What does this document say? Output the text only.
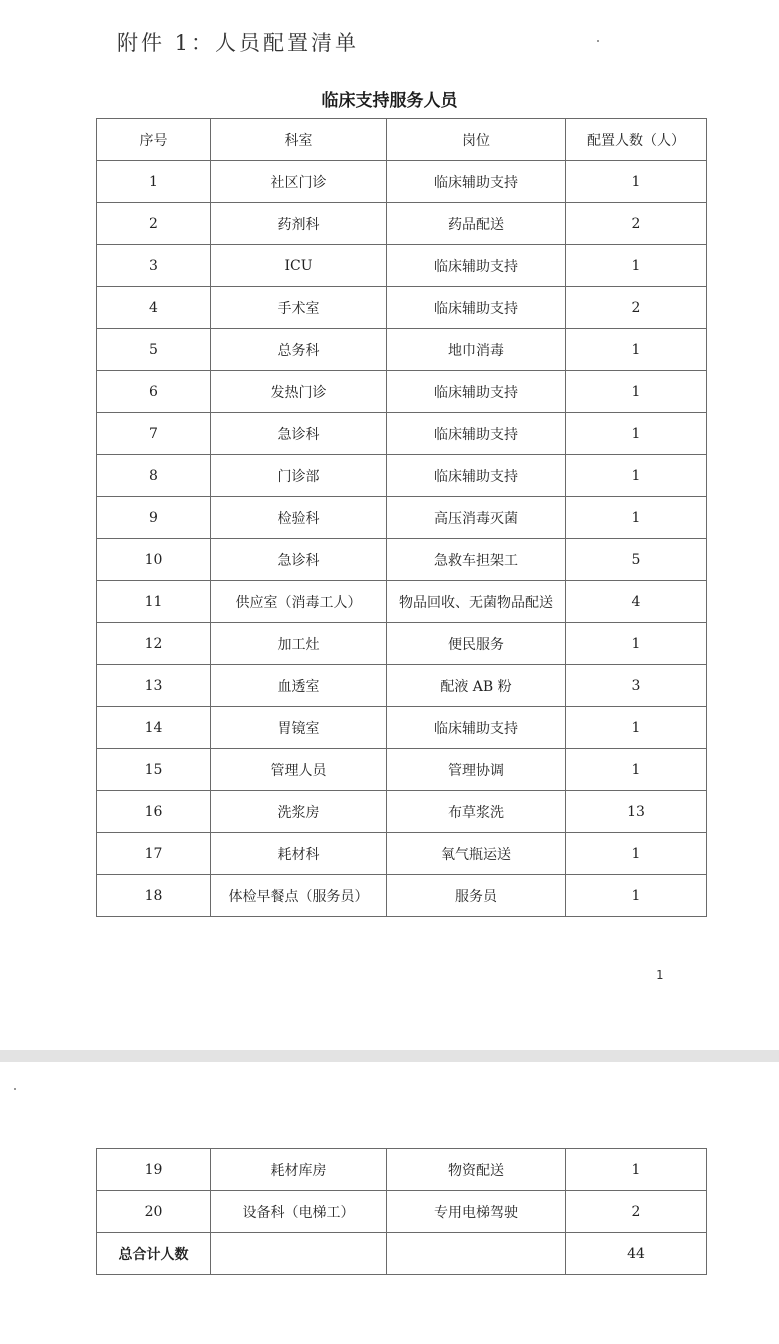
附件 1：人员配置清单
临床支持服务人员
序号	科室	岗位	配置人数（人）
1	社区门诊	临床辅助支持	1
2	药剂科	药品配送	2
3	ICU	临床辅助支持	1
4	手术室	临床辅助支持	2
5	总务科	地巾消毒	1
6	发热门诊	临床辅助支持	1
7	急诊科	临床辅助支持	1
8	门诊部	临床辅助支持	1
9	检验科	高压消毒灭菌	1
10	急诊科	急救车担架工	5
11	供应室（消毒工人）	物品回收、无菌物品配送	4
12	加工灶	便民服务	1
13	血透室	配液 AB 粉	3
14	胃镜室	临床辅助支持	1
15	管理人员	管理协调	1
16	洗浆房	布草浆洗	13
17	耗材科	氧气瓶运送	1
18	体检早餐点（服务员）	服务员	1
1
19	耗材库房	物资配送	1
20	设备科（电梯工）	专用电梯驾驶	2
总合计人数			44
